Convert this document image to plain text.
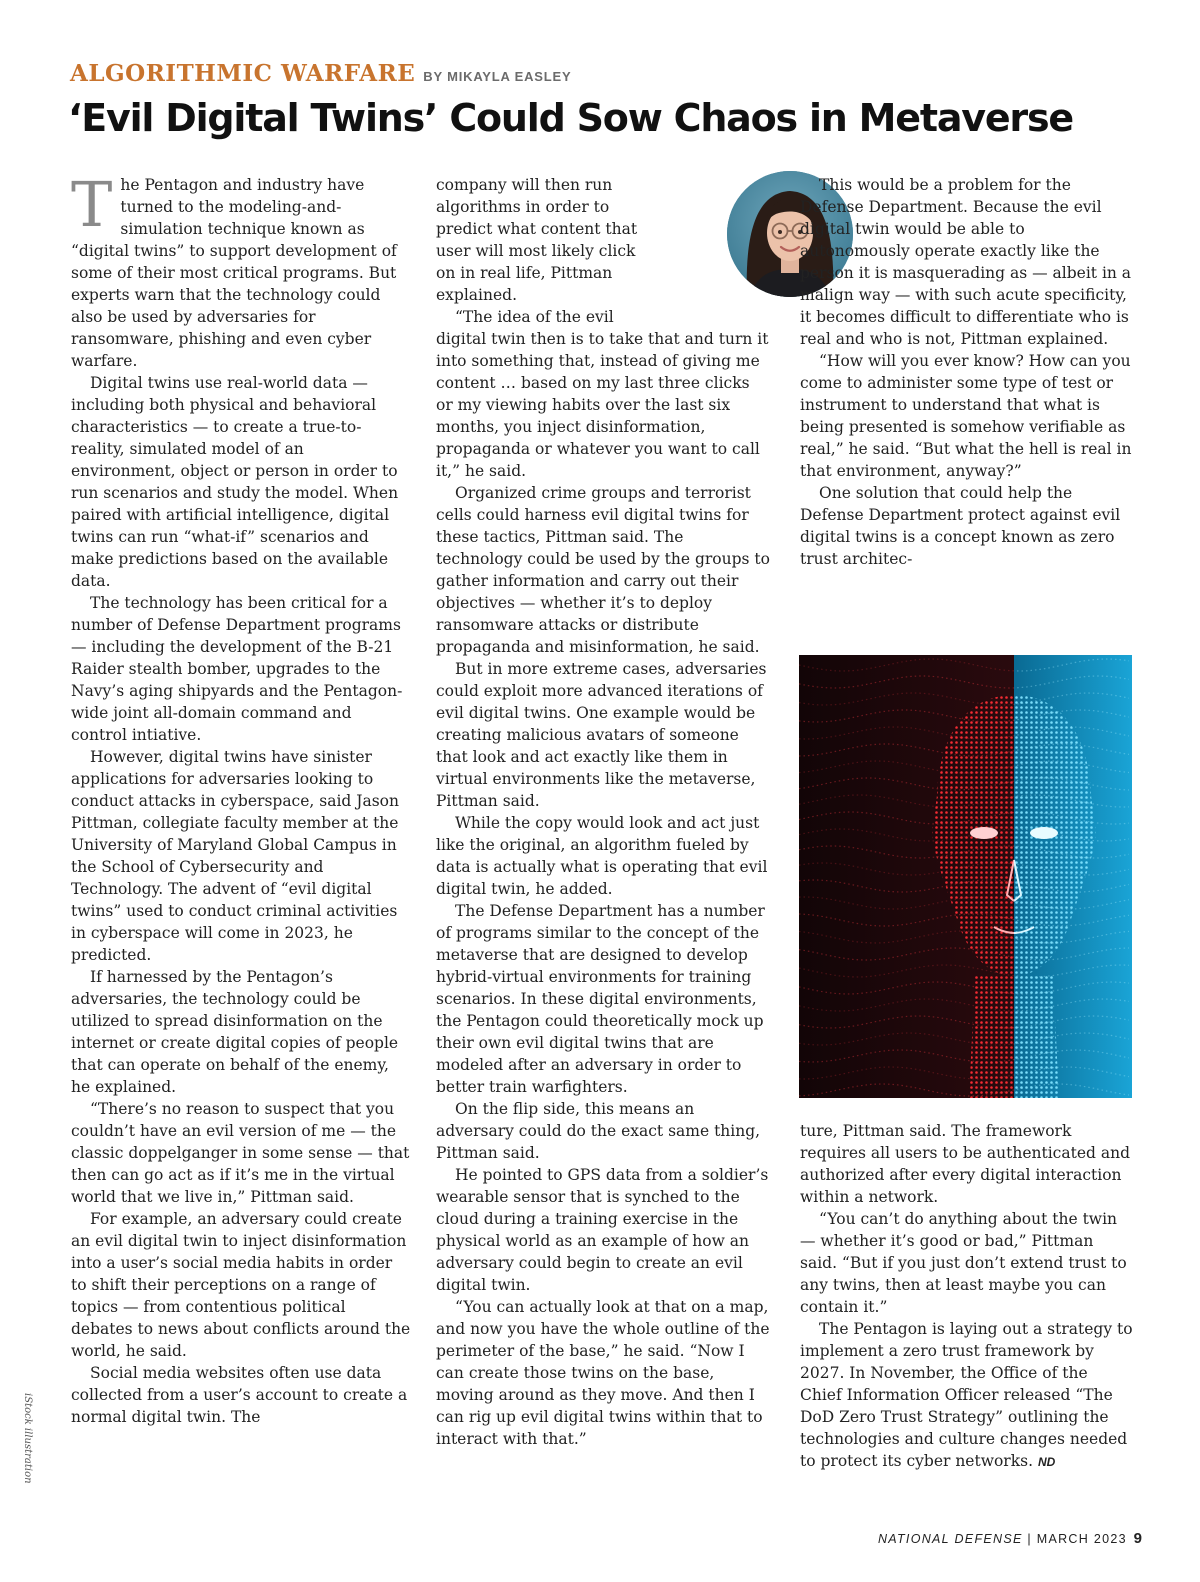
ALGORITHMIC WARFARE BY MIKAYLA EASLEY
‘Evil Digital Twins’ Could Sow Chaos in Metaverse

The Pentagon and industry have turned to the modeling-and-simulation technique known as “digital twins” to support development of some of their most critical programs. But experts warn that the technology could also be used by adversaries for ransomware, phishing and even cyber warfare.

Digital twins use real-world data — including both physical and behavioral characteristics — to create a true-to-reality, simulated model of an environment, object or person in order to run scenarios and study the model. When paired with artificial intelligence, digital twins can run “what-if” scenarios and make predictions based on the available data.

The technology has been critical for a number of Defense Department programs — including the development of the B-21 Raider stealth bomber, upgrades to the Navy’s aging shipyards and the Pentagon-wide joint all-domain command and control intiative.

However, digital twins have sinister applications for adversaries looking to conduct attacks in cyberspace, said Jason Pittman, collegiate faculty member at the University of Maryland Global Campus in the School of Cybersecurity and Technology. The advent of “evil digital twins” used to conduct criminal activities in cyberspace will come in 2023, he predicted.

If harnessed by the Pentagon’s adversaries, the technology could be utilized to spread disinformation on the internet or create digital copies of people that can operate on behalf of the enemy, he explained.

“There’s no reason to suspect that you couldn’t have an evil version of me — the classic doppelganger in some sense — that then can go act as if it’s me in the virtual world that we live in,” Pittman said.

For example, an adversary could create an evil digital twin to inject disinformation into a user’s social media habits in order to shift their perceptions on a range of topics — from contentious political debates to news about conflicts around the world, he said.

Social media websites often use data collected from a user’s account to create a normal digital twin. The

company will then run algorithms in order to predict what content that user will most likely click on in real life, Pittman explained.

“The idea of the evil digital twin then is to take that and turn it into something that, instead of giving me content … based on my last three clicks or my viewing habits over the last six months, you inject disinformation, propaganda or whatever you want to call it,” he said.

Organized crime groups and terrorist cells could harness evil digital twins for these tactics, Pittman said. The technology could be used by the groups to gather information and carry out their objectives — whether it’s to deploy ransomware attacks or distribute propaganda and misinformation, he said.

But in more extreme cases, adversaries could exploit more advanced iterations of evil digital twins. One example would be creating malicious avatars of someone that look and act exactly like them in virtual environments like the metaverse, Pittman said.

While the copy would look and act just like the original, an algorithm fueled by data is actually what is operating that evil digital twin, he added.

The Defense Department has a number of programs similar to the concept of the metaverse that are designed to develop hybrid-virtual environments for training scenarios. In these digital environments, the Pentagon could theoretically mock up their own evil digital twins that are modeled after an adversary in order to better train warfighters.

On the flip side, this means an adversary could do the exact same thing, Pittman said.

He pointed to GPS data from a soldier’s wearable sensor that is synched to the cloud during a training exercise in the physical world as an example of how an adversary could begin to create an evil digital twin.

“You can actually look at that on a map, and now you have the whole outline of the perimeter of the base,” he said. “Now I can create those twins on the base, moving around as they move. And then I can rig up evil digital twins within that to interact with that.”

This would be a problem for the Defense Department. Because the evil digital twin would be able to autonomously operate exactly like the person it is masquerading as — albeit in a malign way — with such acute specificity, it becomes difficult to differentiate who is real and who is not, Pittman explained.

“How will you ever know? How can you come to administer some type of test or instrument to understand that what is being presented is somehow verifiable as real,” he said. “But what the hell is real in that environment, anyway?”

One solution that could help the Defense Department protect against evil digital twins is a concept known as zero trust architec-

ture, Pittman said. The framework requires all users to be authenticated and authorized after every digital interaction within a network.

“You can’t do anything about the twin — whether it’s good or bad,” Pittman said. “But if you just don’t extend trust to any twins, then at least maybe you can contain it.”

The Pentagon is laying out a strategy to implement a zero trust framework by 2027. In November, the Office of the Chief Information Officer released “The DoD Zero Trust Strategy” outlining the technologies and culture changes needed to protect its cyber networks. ND

iStock illustration
NATIONAL DEFENSE | MARCH 2023 9
